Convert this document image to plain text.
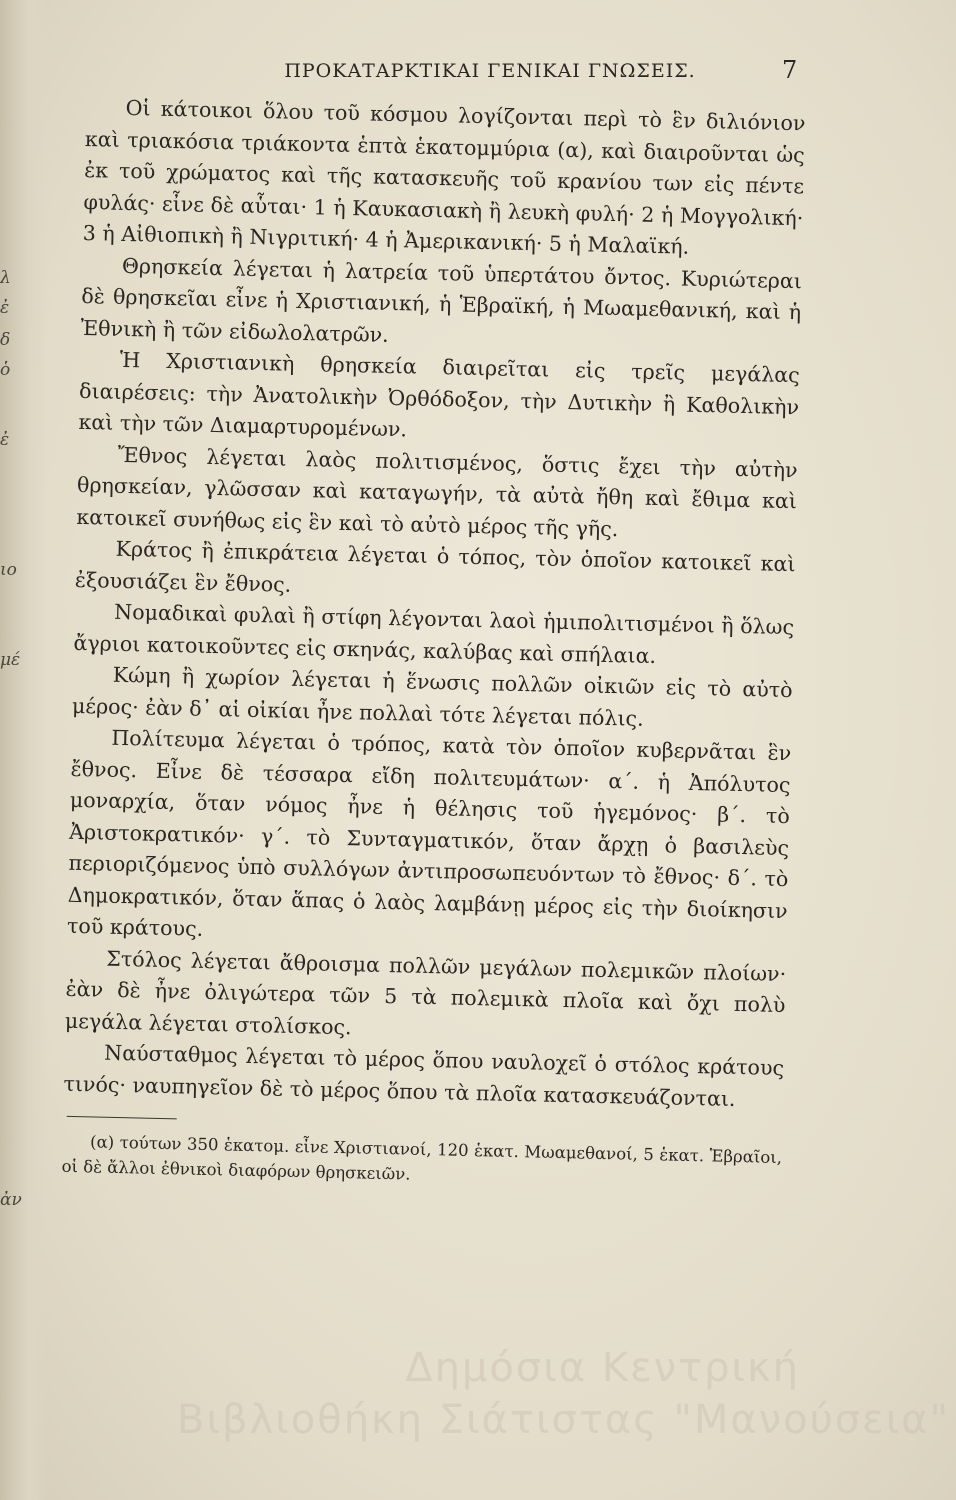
λ
ἐ
δ
ὁ
ἐ
ιο
μέ
ἀν
ΠΡΟΚΑΤΑΡΚΤΙΚΑΙ ΓΕΝΙΚΑΙ ΓΝΩΣΕΙΣ.	7

Οἱ κάτοικοι ὅλου τοῦ κόσμου λογίζονται περὶ τὸ ἓν διλιόνιον καὶ τριακόσια τριάκοντα ἑπτὰ ἑκατομμύρια (α), καὶ διαιροῦνται ὡς ἐκ τοῦ χρώματος καὶ τῆς κατασκευῆς τοῦ κρανίου των εἰς πέντε φυλάς· εἶνε δὲ αὗται· 1 ἡ Καυκασιακὴ ἢ λευκὴ φυλή· 2 ἡ Μογγολική· 3 ἡ Αἰθιοπικὴ ἢ Νιγριτική· 4 ἡ Ἀμερικανική· 5 ἡ Μαλαϊκή.

Θρησκεία λέγεται ἡ λατρεία τοῦ ὑπερτάτου ὄντος. Κυριώτεραι δὲ θρησκεῖαι εἶνε ἡ Χριστιανική, ἡ Ἑβραϊκή, ἡ Μωαμεθανική, καὶ ἡ Ἐθνικὴ ἢ τῶν εἰδωλολατρῶν.

Ἡ Χριστιανικὴ θρησκεία διαιρεῖται εἰς τρεῖς μεγάλας διαιρέσεις: τὴν Ἀνατολικὴν Ὀρθόδοξον, τὴν Δυτικὴν ἢ Καθολικὴν καὶ τὴν τῶν Διαμαρτυρομένων.

Ἔθνος λέγεται λαὸς πολιτισμένος, ὅστις ἔχει τὴν αὐτὴν θρησκείαν, γλῶσσαν καὶ καταγωγήν, τὰ αὐτὰ ἤθη καὶ ἔθιμα καὶ κατοικεῖ συνήθως εἰς ἓν καὶ τὸ αὐτὸ μέρος τῆς γῆς.

Κράτος ἢ ἐπικράτεια λέγεται ὁ τόπος, τὸν ὁποῖον κατοικεῖ καὶ ἐξουσιάζει ἓν ἔθνος.

Νομαδικαὶ φυλαὶ ἢ στίφη λέγονται λαοὶ ἡμιπολιτισμένοι ἢ ὅλως ἄγριοι κατοικοῦντες εἰς σκηνάς, καλύβας καὶ σπήλαια.

Κώμη ἢ χωρίον λέγεται ἡ ἕνωσις πολλῶν οἰκιῶν εἰς τὸ αὐτὸ μέρος· ἐὰν δ᾽ αἱ οἰκίαι ἦνε πολλαὶ τότε λέγεται πόλις.

Πολίτευμα λέγεται ὁ τρόπος, κατὰ τὸν ὁποῖον κυβερνᾶται ἓν ἔθνος. Εἶνε δὲ τέσσαρα εἴδη πολιτευμάτων· α΄. ἡ Ἀπόλυτος μοναρχία, ὅταν νόμος ἦνε ἡ θέλησις τοῦ ἡγεμόνος· β΄. τὸ Ἀριστοκρατικόν· γ΄. τὸ Συνταγματικόν, ὅταν ἄρχῃ ὁ βασιλεὺς περιοριζόμενος ὑπὸ συλλόγων ἀντιπροσωπευόντων τὸ ἔθνος· δ΄. τὸ Δημοκρατικόν, ὅταν ἅπας ὁ λαὸς λαμβάνῃ μέρος εἰς τὴν διοίκησιν τοῦ κράτους.

Στόλος λέγεται ἄθροισμα πολλῶν μεγάλων πολεμικῶν πλοίων· ἐὰν δὲ ἦνε ὀλιγώτερα τῶν 5 τὰ πολεμικὰ πλοῖα καὶ ὄχι πολὺ μεγάλα λέγεται στολίσκος.

Ναύσταθμος λέγεται τὸ μέρος ὅπου ναυλοχεῖ ὁ στόλος κράτους τινός· ναυπηγεῖον δὲ τὸ μέρος ὅπου τὰ πλοῖα κατασκευάζονται.

(α) τούτων 350 ἑκατομ. εἶνε Χριστιανοί, 120 ἑκατ. Μωαμεθανοί, 5 ἑκατ. Ἑβραῖοι, οἱ δὲ ἄλλοι ἐθνικοὶ διαφόρων θρησκειῶν.

Δημόσια Κεντρική
Βιβλιοθήκη Σιάτιστας "Μανούσεια"
